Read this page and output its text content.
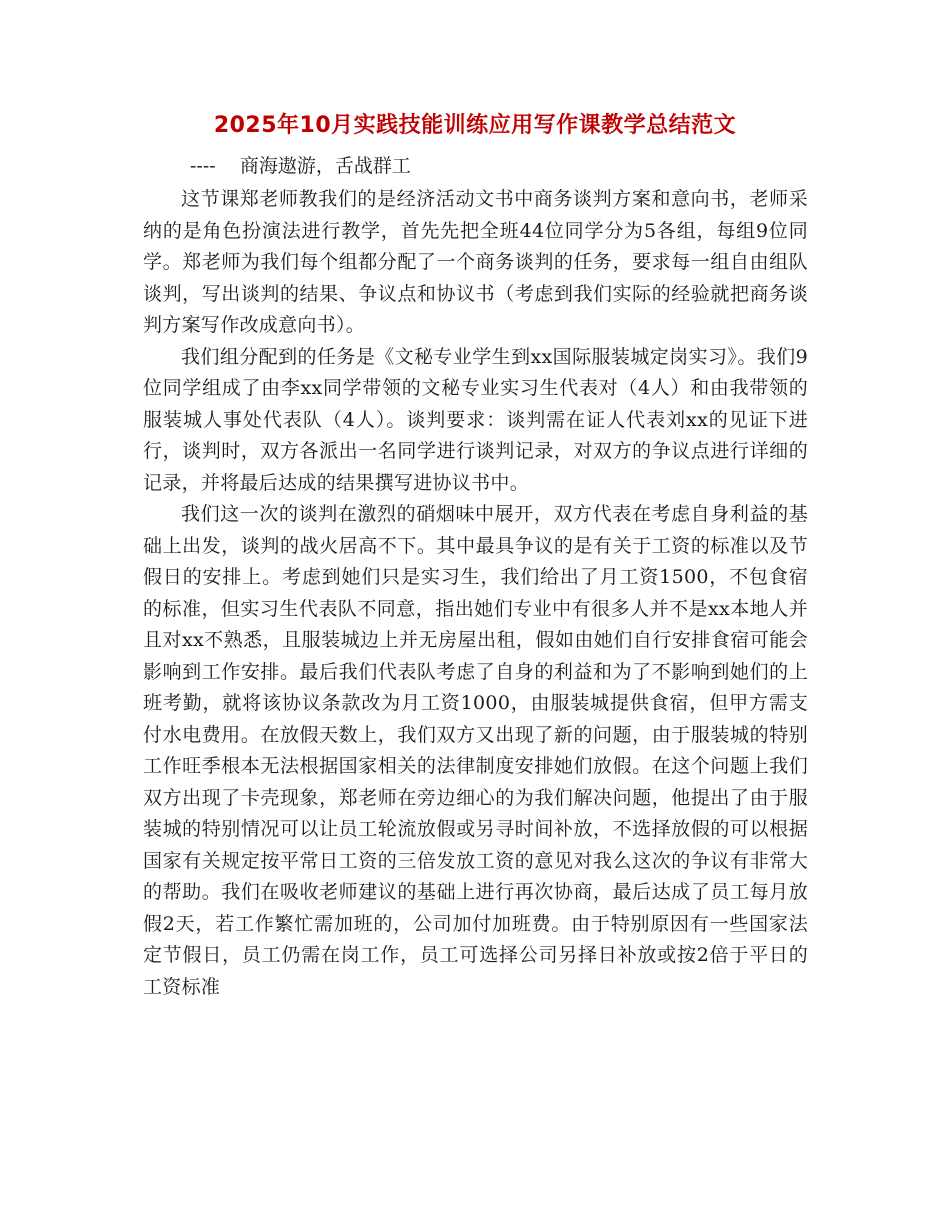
2025年10月实践技能训练应用写作课教学总结范文
----    商海遨游，舌战群工

这节课郑老师教我们的是经济活动文书中商务谈判方案和意向书，老师采纳的是角色扮演法进行教学，首先先把全班44位同学分为5各组，每组9位同学。郑老师为我们每个组都分配了一个商务谈判的任务，要求每一组自由组队谈判，写出谈判的结果、争议点和协议书（考虑到我们实际的经验就把商务谈判方案写作改成意向书）。

我们组分配到的任务是《文秘专业学生到xx国际服装城定岗实习》。我们9位同学组成了由李xx同学带领的文秘专业实习生代表对（4人）和由我带领的服装城人事处代表队（4人）。谈判要求：谈判需在证人代表刘xx的见证下进行，谈判时，双方各派出一名同学进行谈判记录，对双方的争议点进行详细的记录，并将最后达成的结果撰写进协议书中。

我们这一次的谈判在激烈的硝烟味中展开，双方代表在考虑自身利益的基础上出发，谈判的战火居高不下。其中最具争议的是有关于工资的标准以及节假日的安排上。考虑到她们只是实习生，我们给出了月工资1500，不包食宿的标准，但实习生代表队不同意，指出她们专业中有很多人并不是xx本地人并且对xx不熟悉，且服装城边上并无房屋出租，假如由她们自行安排食宿可能会影响到工作安排。最后我们代表队考虑了自身的利益和为了不影响到她们的上班考勤，就将该协议条款改为月工资1000，由服装城提供食宿，但甲方需支付水电费用。在放假天数上，我们双方又出现了新的问题，由于服装城的特别工作旺季根本无法根据国家相关的法律制度安排她们放假。在这个问题上我们双方出现了卡壳现象，郑老师在旁边细心的为我们解决问题，他提出了由于服装城的特别情况可以让员工轮流放假或另寻时间补放，不选择放假的可以根据国家有关规定按平常日工资的三倍发放工资的意见对我么这次的争议有非常大的帮助。我们在吸收老师建议的基础上进行再次协商，最后达成了员工每月放假2天，若工作繁忙需加班的，公司加付加班费。由于特别原因有一些国家法定节假日，员工仍需在岗工作，员工可选择公司另择日补放或按2倍于平日的工资标准
